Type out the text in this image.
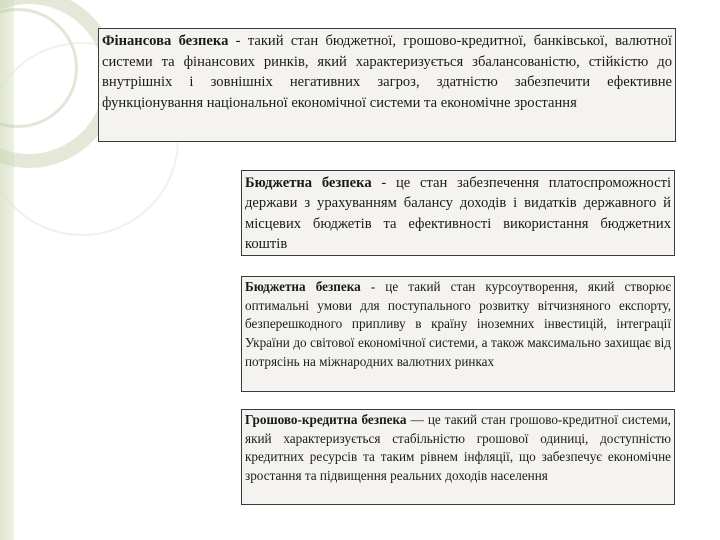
Фінансова безпека - такий стан бюджетної, грошово-кредитної, банківської, валютної системи та фінансових ринків, який характеризується збалансованістю, стійкістю до внутрішніх і зовнішніх негативних загроз, здатністю забезпечити ефективне функціонування національної економічної системи та економічне зростання
Бюджетна безпека - це стан забезпечення платоспроможності держави з урахуванням балансу доходів і видатків державного й місцевих бюджетів та ефективності використання бюджетних коштів
Бюджетна безпека - це такий стан курсоутворення, який створює оптимальні умови для поступального розвитку вітчизняного експорту, безперешкодного припливу в країну іноземних інвестицій, інтеграції України до світової економічної системи, а також максимально захищає від потрясінь на міжнародних валютних ринках
Грошово-кредитна безпека — це такий стан грошово-кредитної системи, який характеризується стабільністю грошової одиниці, доступністю кредитних ресурсів та таким рівнем інфляції, що забезпечує економічне зростання та підвищення реальних доходів населення
